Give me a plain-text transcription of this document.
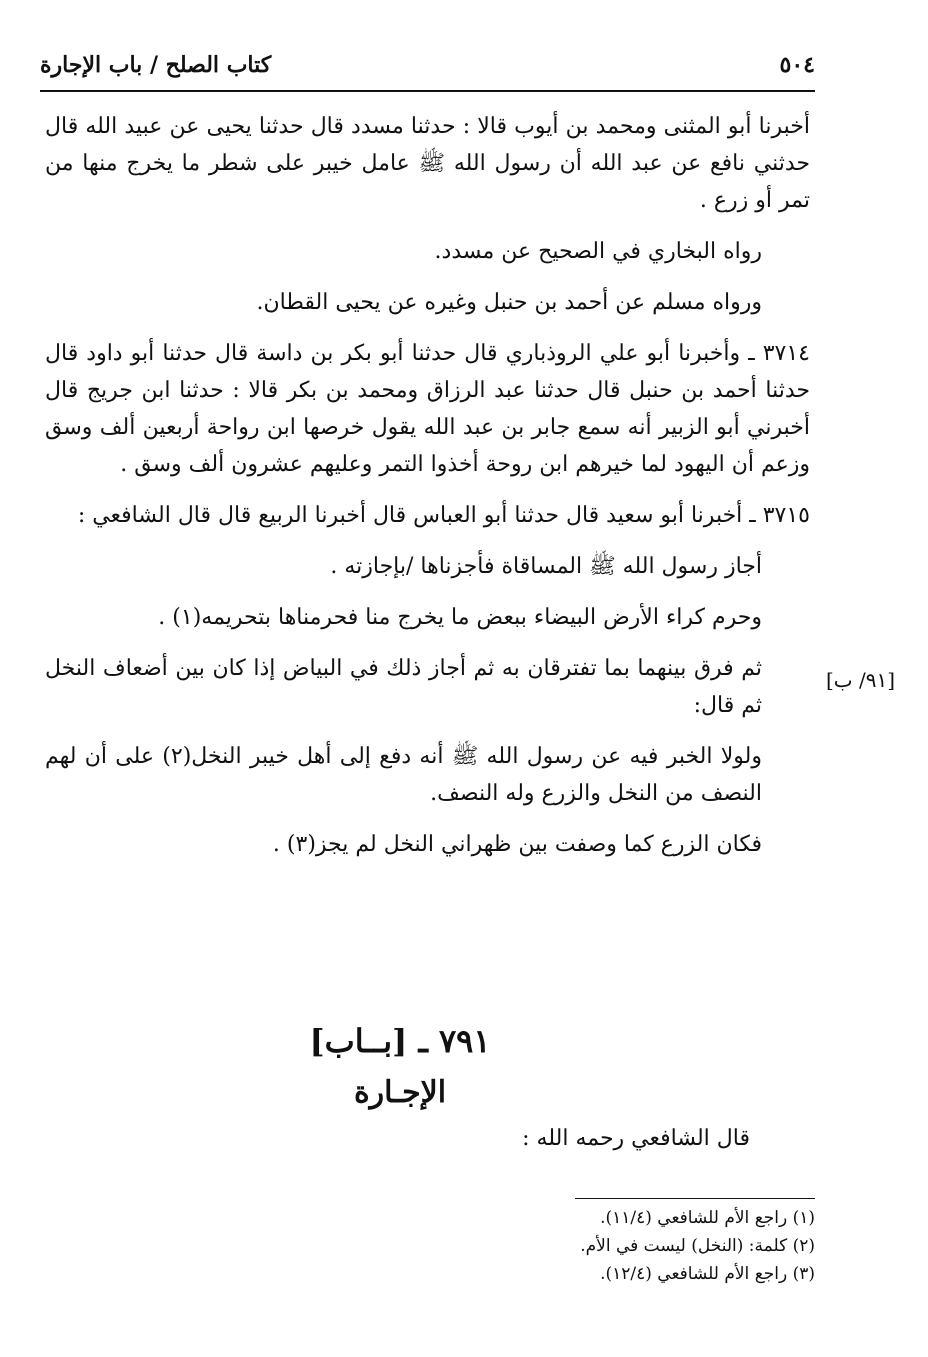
٥٠٤
كتاب الصلح / باب الإجارة

أخبرنا أبو المثنى ومحمد بن أيوب قالا : حدثنا مسدد قال حدثنا يحيى عن عبيد الله قال حدثني نافع عن عبد الله أن رسول الله ﷺ عامل خيبر على شطر ما يخرج منها من تمر أو زرع .

رواه البخاري في الصحيح عن مسدد.

ورواه مسلم عن أحمد بن حنبل وغيره عن يحيى القطان.

٣٧١٤ ـ وأخبرنا أبو علي الروذباري قال حدثنا أبو بكر بن داسة قال حدثنا أبو داود قال حدثنا أحمد بن حنبل قال حدثنا عبد الرزاق ومحمد بن بكر قالا : حدثنا ابن جريج قال أخبرني أبو الزبير أنه سمع جابر بن عبد الله يقول خرصها ابن رواحة أربعين ألف وسق وزعم أن اليهود لما خيرهم ابن روحة أخذوا التمر وعليهم عشرون ألف وسق .

٣٧١٥ ـ أخبرنا أبو سعيد قال حدثنا أبو العباس قال أخبرنا الربيع قال قال الشافعي :

أجاز رسول الله ﷺ المساقاة فأجزناها /بإجازته .

وحرم كراء الأرض البيضاء ببعض ما يخرج منا فحرمناها بتحريمه(١) .

ثم فرق بينهما بما تفترقان به ثم أجاز ذلك في البياض إذا كان بين أضعاف النخل ثم قال:

ولولا الخبر فيه عن رسول الله ﷺ أنه دفع إلى أهل خيبر النخل(٢) على أن لهم النصف من النخل والزرع وله النصف.

فكان الزرع كما وصفت بين ظهراني النخل لم يجز(٣) .

[٩١/ ب]
٧٩١ ـ [بــاب]
الإجـارة
قال الشافعي رحمه الله :
(١) راجع الأم للشافعي (١١/٤).
(٢) كلمة: (النخل) ليست في الأم.
(٣) راجع الأم للشافعي (١٢/٤).
